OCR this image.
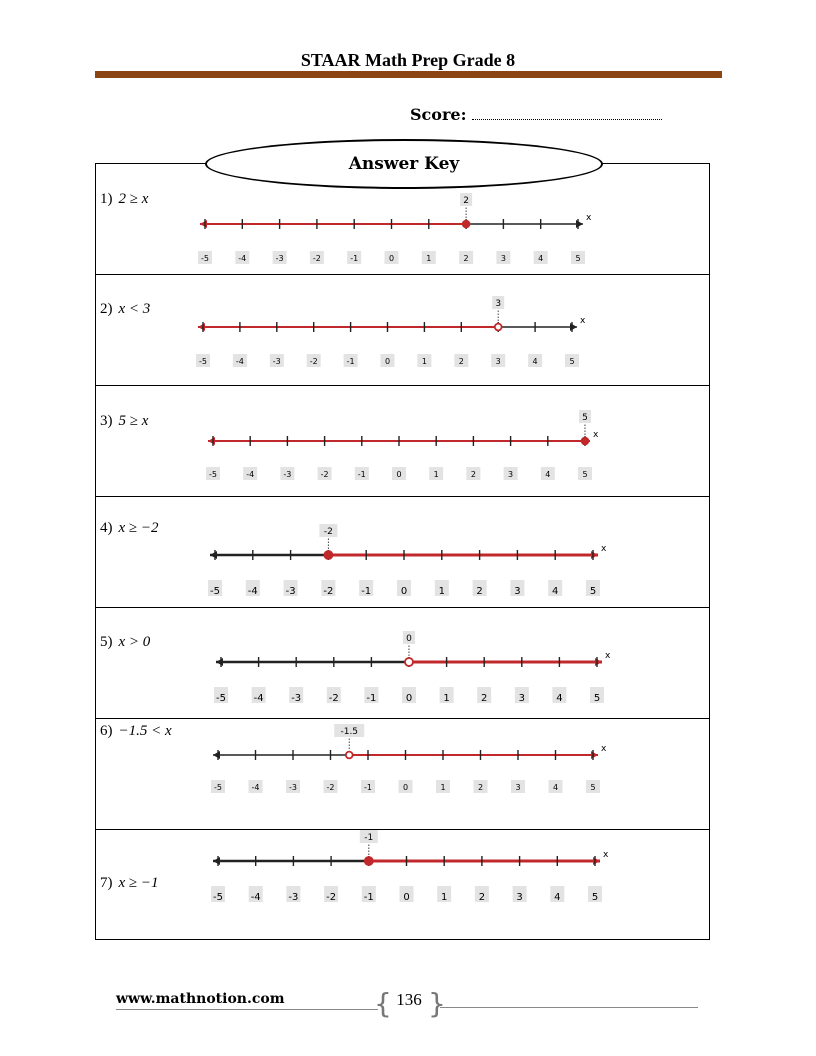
STAAR Math Prep Grade 8
Score:
Answer Key
1) 2 ≥ x
x
-5	-4	-3	-2	-1	0	1	2	3	4	5
2
2) x < 3
x
-5	-4	-3	-2	-1	0	1	2	3	4	5
3
3) 5 ≥ x
x
-5	-4	-3	-2	-1	0	1	2	3	4	5
5
4) x ≥ −2
x
-5	-4	-3	-2	-1	0	1	2	3	4	5
-2
5) x > 0
x
-5	-4	-3	-2	-1	0	1	2	3	4	5
0
6) −1.5 < x
x
-5	-4	-3	-2	-1	0	1	2	3	4	5
-1.5
7) x ≥ −1
x
-5	-4	-3	-2	-1	0	1	2	3	4	5
-1
www.mathnotion.com	{ 136 }
